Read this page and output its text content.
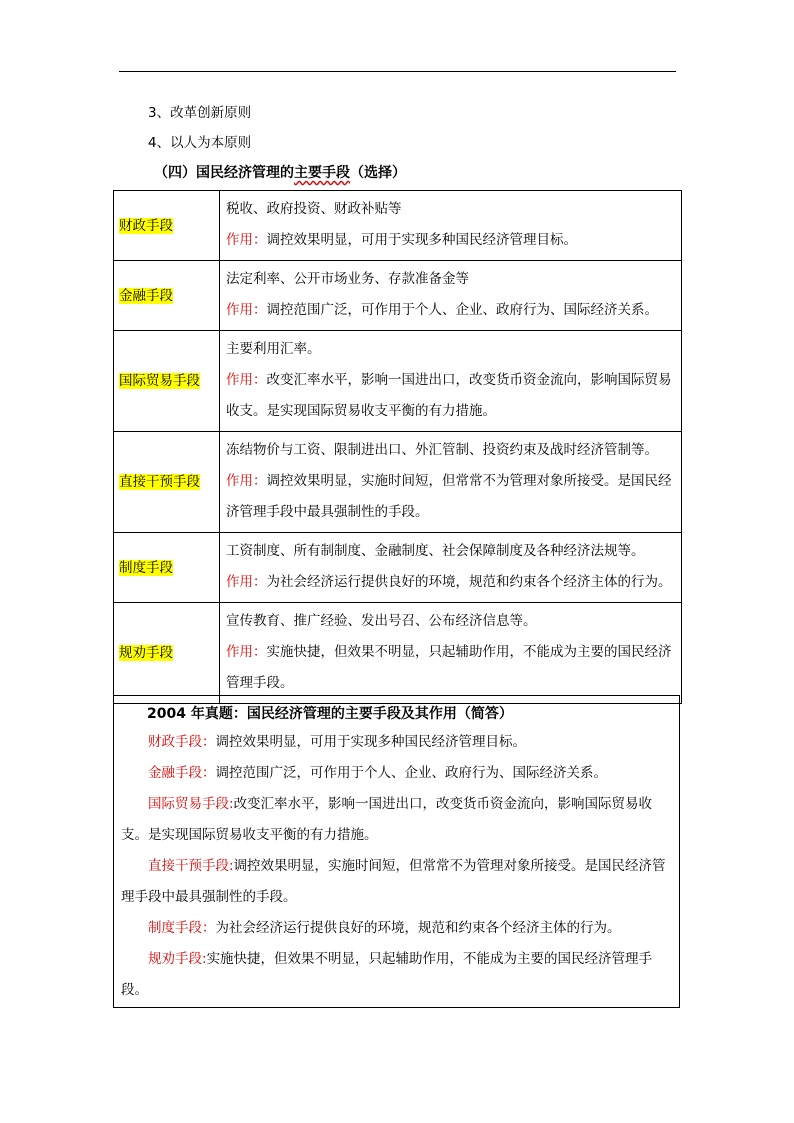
3、改革创新原则
4、以人为本原则
（四）国民经济管理的主要手段（选择）
财政手段	税收、政府投资、财政补贴等
作用：调控效果明显，可用于实现多种国民经济管理目标。

金融手段	法定利率、公开市场业务、存款准备金等
作用：调控范围广泛，可作用于个人、企业、政府行为、国际经济关系。

国际贸易手段	主要利用汇率。
作用：改变汇率水平，影响一国进出口，改变货币资金流向，影响国际贸易收支。是实现国际贸易收支平衡的有力措施。

直接干预手段	冻结物价与工资、限制进出口、外汇管制、投资约束及战时经济管制等。
作用：调控效果明显，实施时间短，但常常不为管理对象所接受。是国民经济管理手段中最具强制性的手段。

制度手段	工资制度、所有制制度、金融制度、社会保障制度及各种经济法规等。
作用：为社会经济运行提供良好的环境，规范和约束各个经济主体的行为。

规劝手段	宣传教育、推广经验、发出号召、公布经济信息等。
作用：实施快捷，但效果不明显，只起辅助作用，不能成为主要的国民经济管理手段。
2004 年真题：国民经济管理的主要手段及其作用（简答）
财政手段：调控效果明显，可用于实现多种国民经济管理目标。
金融手段：调控范围广泛，可作用于个人、企业、政府行为、国际经济关系。
国际贸易手段:改变汇率水平，影响一国进出口，改变货币资金流向，影响国际贸易收支。是实现国际贸易收支平衡的有力措施。
直接干预手段:调控效果明显，实施时间短，但常常不为管理对象所接受。是国民经济管理手段中最具强制性的手段。
制度手段：为社会经济运行提供良好的环境，规范和约束各个经济主体的行为。
规劝手段:实施快捷，但效果不明显，只起辅助作用，不能成为主要的国民经济管理手段。
